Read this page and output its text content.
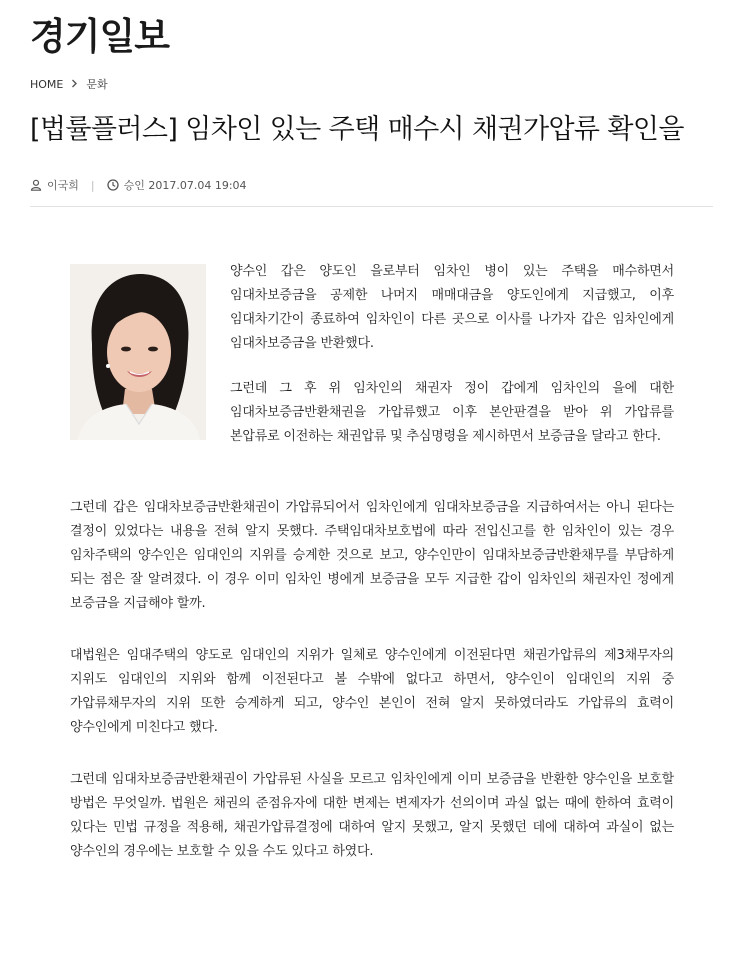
경기일보
HOME 문화
[법률플러스] 임차인 있는 주택 매수시 채권가압류 확인을
이국희 |	승인 2017.07.04 19:04

양수인 갑은 양도인 을로부터 임차인 병이 있는 주택을 매수하면서 임대차보증금을 공제한 나머지 매매대금을 양도인에게 지급했고, 이후 임대차기간이 종료하여 임차인이 다른 곳으로 이사를 나가자 갑은 임차인에게 임대차보증금을 반환했다.

그런데 그 후 위 임차인의 채권자 정이 갑에게 임차인의 을에 대한 임대차보증금반환채권을 가압류했고 이후 본안판결을 받아 위 가압류를 본압류로 이전하는 채권압류 및 추심명령을 제시하면서 보증금을 달라고 한다.

그런데 갑은 임대차보증금반환채권이 가압류되어서 임차인에게 임대차보증금을 지급하여서는 아니 된다는 결정이 있었다는 내용을 전혀 알지 못했다. 주택임대차보호법에 따라 전입신고를 한 임차인이 있는 경우 임차주택의 양수인은 임대인의 지위를 승계한 것으로 보고, 양수인만이 임대차보증금반환채무를 부담하게 되는 점은 잘 알려졌다. 이 경우 이미 임차인 병에게 보증금을 모두 지급한 갑이 임차인의 채권자인 정에게 보증금을 지급해야 할까.

대법원은 임대주택의 양도로 임대인의 지위가 일체로 양수인에게 이전된다면 채권가압류의 제3채무자의 지위도 임대인의 지위와 함께 이전된다고 볼 수밖에 없다고 하면서, 양수인이 임대인의 지위 중 가압류채무자의 지위 또한 승계하게 되고, 양수인 본인이 전혀 알지 못하였더라도 가압류의 효력이 양수인에게 미친다고 했다.

그런데 임대차보증금반환채권이 가압류된 사실을 모르고 임차인에게 이미 보증금을 반환한 양수인을 보호할 방법은 무엇일까. 법원은 채권의 준점유자에 대한 변제는 변제자가 선의이며 과실 없는 때에 한하여 효력이 있다는 민법 규정을 적용해, 채권가압류결정에 대하여 알지 못했고, 알지 못했던 데에 대하여 과실이 없는 양수인의 경우에는 보호할 수 있을 수도 있다고 하였다.
